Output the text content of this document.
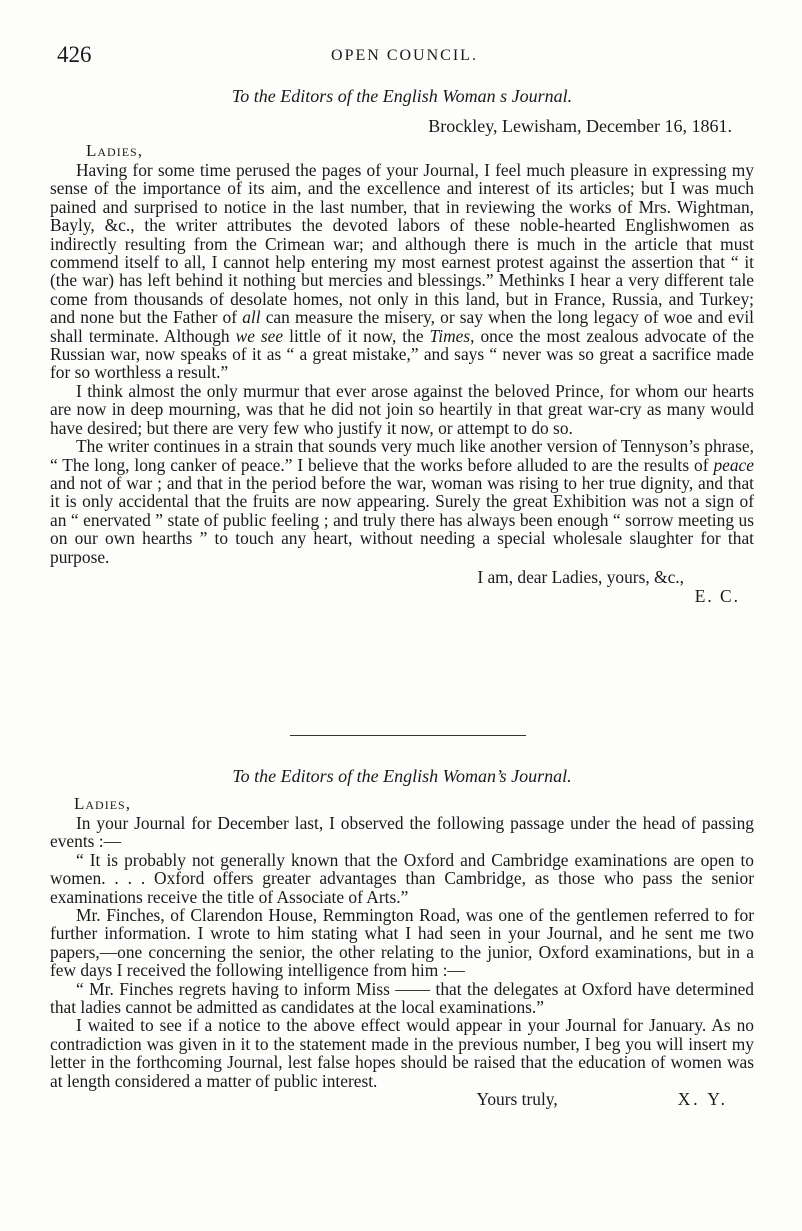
426	OPEN COUNCIL.
To the Editors of the English Woman s Journal.
Brockley, Lewisham, December 16, 1861.
Ladies,

Having for some time perused the pages of your Journal, I feel much pleasure in expressing my sense of the importance of its aim, and the excellence and interest of its articles; but I was much pained and surprised to notice in the last number, that in reviewing the works of Mrs. Wightman, Bayly, &c., the writer attributes the devoted labors of these noble-hearted Englishwomen as indirectly resulting from the Crimean war; and although there is much in the article that must commend itself to all, I cannot help entering my most earnest protest against the assertion that “ it (the war) has left behind it nothing but mercies and blessings.” Methinks I hear a very different tale come from thousands of desolate homes, not only in this land, but in France, Russia, and Turkey; and none but the Father of all can measure the misery, or say when the long legacy of woe and evil shall terminate. Although we see little of it now, the Times, once the most zealous advocate of the Russian war, now speaks of it as “ a great mistake,” and says “ never was so great a sacrifice made for so worthless a result.”

I think almost the only murmur that ever arose against the beloved Prince, for whom our hearts are now in deep mourning, was that he did not join so heartily in that great war-cry as many would have desired; but there are very few who justify it now, or attempt to do so.

The writer continues in a strain that sounds very much like another version of Tennyson’s phrase, “ The long, long canker of peace.” I believe that the works before alluded to are the results of peace and not of war ; and that in the period before the war, woman was rising to her true dignity, and that it is only accidental that the fruits are now appearing. Surely the great Exhibition was not a sign of an “ enervated ” state of public feeling ; and truly there has always been enough “ sorrow meeting us on our own hearths ” to touch any heart, without needing a special wholesale slaughter for that purpose.

I am, dear Ladies, yours, &c.,
E. C.
To the Editors of the English Woman’s Journal.
Ladies,

In your Journal for December last, I observed the following passage under the head of passing events :—

“ It is probably not generally known that the Oxford and Cambridge examinations are open to women. . . . Oxford offers greater advantages than Cambridge, as those who pass the senior examinations receive the title of Associate of Arts.”

Mr. Finches, of Clarendon House, Remmington Road, was one of the gentlemen referred to for further information. I wrote to him stating what I had seen in your Journal, and he sent me two papers,—one concerning the senior, the other relating to the junior, Oxford examinations, but in a few days I received the following intelligence from him :—

“ Mr. Finches regrets having to inform Miss —— that the delegates at Oxford have determined that ladies cannot be admitted as candidates at the local examinations.”

I waited to see if a notice to the above effect would appear in your Journal for January. As no contradiction was given in it to the statement made in the previous number, I beg you will insert my letter in the forthcoming Journal, lest false hopes should be raised that the education of women was at length considered a matter of public interest.

Yours truly,	X. Y.
